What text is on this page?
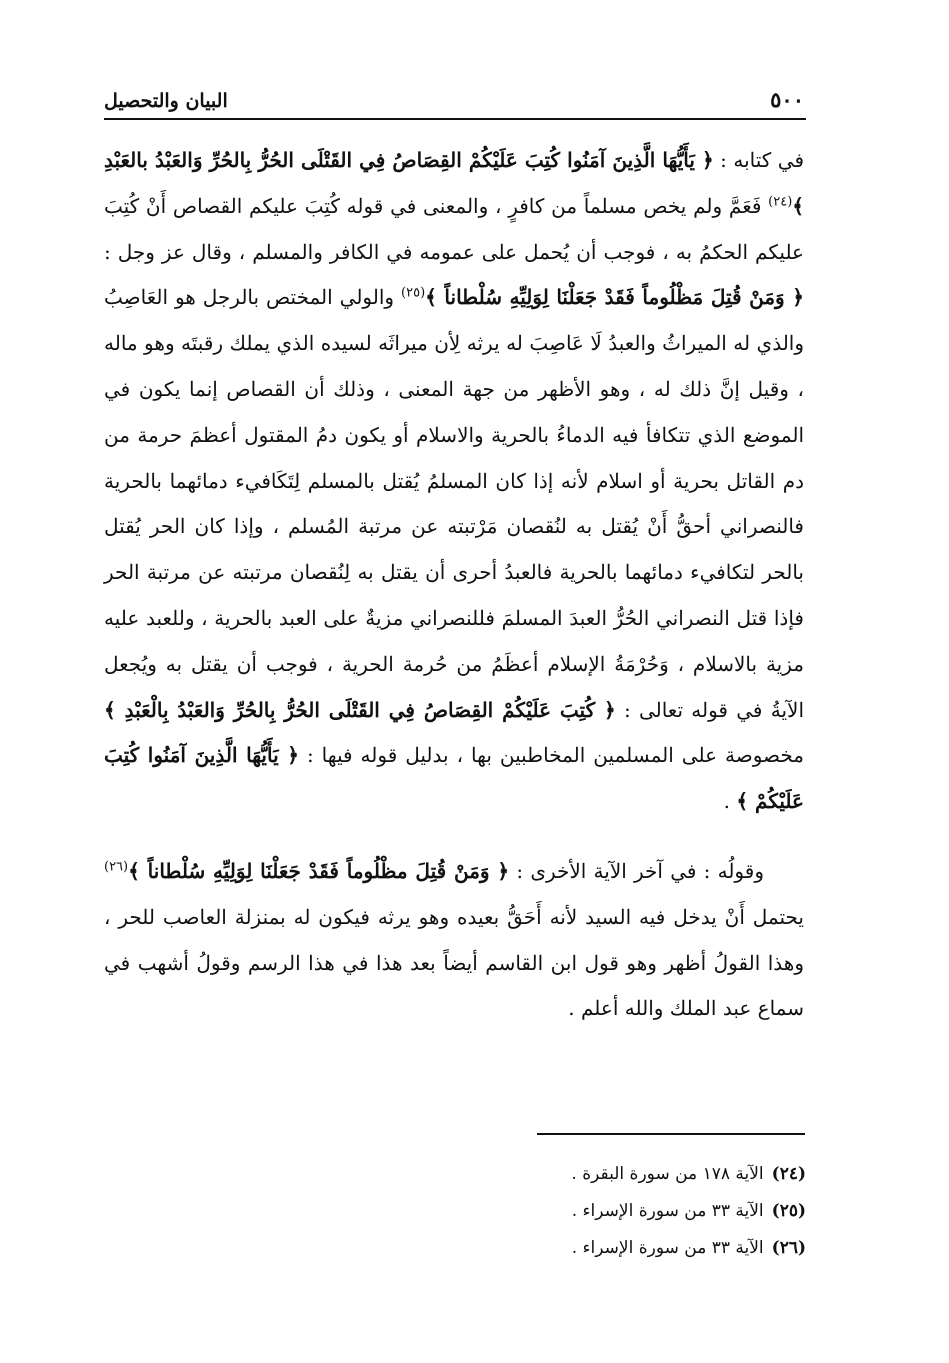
٥٠٠
البيان والتحصيل

في كتابه : ﴿ يَأَيُّهَا الَّذِينَ آمَنُوا كُتِبَ عَلَيْكُمْ القِصَاصُ فِي القَتْلَى الحُرُّ بِالحُرِّ وَالعَبْدُ بالعَبْدِ ﴾$^{(٢٤)}$ فَعَمَّ ولم يخص مسلماً من كافرٍ ، والمعنى في قوله كُتِبَ عليكم القصاص أَنْ كُتِبَ عليكم الحكمُ به ، فوجب أن يُحمل على عمومه في الكافر والمسلم ، وقال عز وجل : ﴿ وَمَنْ قُتِلَ مَظْلُوماً فَقَدْ جَعَلْنَا لِوَلِيِّهِ سُلْطاناً ﴾$^{(٢٥)}$ والولي المختص بالرجل هو العَاصِبُ والذي له الميراثُ والعبدُ لَا عَاصِبَ له يرثه لِأن ميراثَه لسيده الذي يملك رقبتَه وهو ماله ، وقيل إنَّ ذلك له ، وهو الأظهر من جهة المعنى ، وذلك أن القصاص إنما يكون في الموضع الذي تتكافأ فيه الدماءُ بالحرية والاسلام أو يكون دمُ المقتول أعظمَ حرمة من دم القاتل بحرية أو اسلام لأنه إذا كان المسلمُ يُقتل بالمسلم لِتَكَافيء دمائهما بالحرية فالنصراني أحقُّ أَنْ يُقتل به لنُقصان مَرْتبته عن مرتبة المُسلم ، وإذا كان الحر يُقتل بالحر لتكافيء دمائهما بالحرية فالعبدُ أحرى أن يقتل به لِنُقصان مرتبته عن مرتبة الحر فإذا قتل النصراني الحُرُّ العبدَ المسلمَ فللنصراني مزيةٌ على العبد بالحرية ، وللعبد عليه مزية بالاسلام ، وَحُرْمَةُ الإسلام أعظَمُ من حُرمة الحرية ، فوجب أن يقتل به ويُجعل الآيةُ في قوله تعالى : ﴿ كُتِبَ عَلَيْكُمْ القِصَاصُ فِي القَتْلَى الحُرُّ بِالحُرِّ وَالعَبْدُ بِالْعَبْدِ ﴾ مخصوصة على المسلمين المخاطبين بها ، بدليل قوله فيها : ﴿ يَأَيُّهَا الَّذِينَ آمَنُوا كُتِبَ عَلَيْكُمْ ﴾ .

  وقولُه : في آخر الآية الأخرى : ﴿ وَمَنْ قُتِلَ مظْلُوماً فَقَدْ جَعَلْنَا لِوَلِيِّهِ سُلْطاناً ﴾$^{(٢٦)}$ يحتمل أَنْ يدخل فيه السيد لأنه أَحَقُّ بعيده وهو يرثه فيكون له بمنزلة العاصب للحر ، وهذا القولُ أظهر وهو قول ابن القاسم أيضاً بعد هذا في هذا الرسم وقولُ أشهب في سماع عبد الملك والله أعلم .

(٢٤)الآية ١٧٨ من سورة البقرة .
(٢٥)الآية ٣٣ من سورة الإسراء .
(٢٦)الآية ٣٣ من سورة الإسراء .
